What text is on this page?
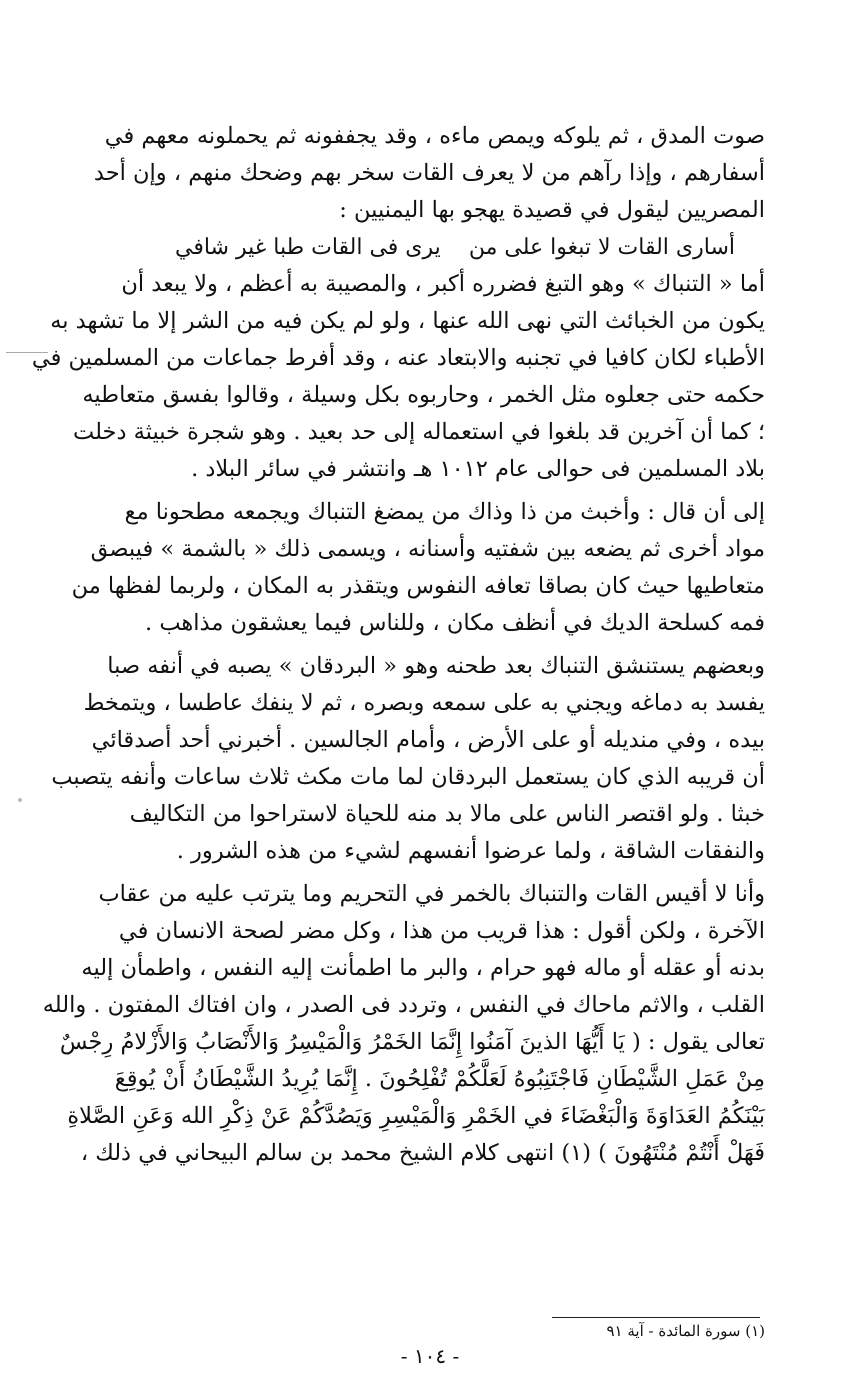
صوت المدق ، ثم يلوكه ويمص ماءه ، وقد يجففونه ثم يحملونه معهم في
أسفارهم ، وإذا رآهم من لا يعرف القات سخر بهم وضحك منهم ، وإن أحد
المصريين ليقول في قصيدة يهجو بها اليمنيين :
أسارى القات لا تبغوا على من
يرى فى القات طبا غير شافي
أما « التنباك » وهو التبغ فضرره أكبر ، والمصيبة به أعظم ، ولا يبعد أن
يكون من الخبائث التي نهى الله عنها ، ولو لم يكن فيه من الشر إلا ما تشهد به
الأطباء لكان كافيا في تجنبه والابتعاد عنه ، وقد أفرط جماعات من المسلمين في
حكمه حتى جعلوه مثل الخمر ، وحاربوه بكل وسيلة ، وقالوا بفسق متعاطيه
؛ كما أن آخرين قد بلغوا في استعماله إلى حد بعيد . وهو شجرة خبيثة دخلت
بلاد المسلمين فى حوالى عام ١٠١٢ هـ وانتشر في سائر البلاد .
إلى أن قال : وأخبث من ذا وذاك من يمضغ التنباك ويجمعه مطحونا مع
مواد أخرى ثم يضعه بين شفتيه وأسنانه ، ويسمى ذلك « بالشمة » فيبصق
متعاطيها حيث كان بصاقا تعافه النفوس ويتقذر به المكان ، ولربما لفظها من
فمه كسلحة الديك في أنظف مكان ، وللناس فيما يعشقون مذاهب .
وبعضهم يستنشق التنباك بعد طحنه وهو « البردقان » يصبه في أنفه صبا
يفسد به دماغه ويجني به على سمعه وبصره ، ثم لا ينفك عاطسا ، ويتمخط
بيده ، وفي منديله أو على الأرض ، وأمام الجالسين . أخبرني أحد أصدقائي
أن قريبه الذي كان يستعمل البردقان لما مات مكث ثلاث ساعات وأنفه يتصبب
خبثا . ولو اقتصر الناس على مالا بد منه للحياة لاستراحوا من التكاليف
والنفقات الشاقة ، ولما عرضوا أنفسهم لشيء من هذه الشرور .
وأنا لا أقيس القات والتنباك بالخمر في التحريم وما يترتب عليه من عقاب
الآخرة ، ولكن أقول : هذا قريب من هذا ، وكل مضر لصحة الانسان في
بدنه أو عقله أو ماله فهو حرام ، والبر ما اطمأنت إليه النفس ، واطمأن إليه
القلب ، والاثم ماحاك في النفس ، وتردد فى الصدر ، وان افتاك المفتون . والله
تعالى يقول : ( يَا أَيُّهَا الذينَ آمَنُوا إِنَّمَا الخَمْرُ وَالْمَيْسِرُ وَالأَنْصَابُ وَالأَزْلامُ رِجْسٌ
مِنْ عَمَلِ الشَّيْطَانِ فَاجْتَنِبُوهُ لَعَلَّكُمْ تُفْلِحُونَ . إِنَّمَا يُرِيدُ الشَّيْطَانُ أَنْ يُوقِعَ
بَيْنَكُمُ العَدَاوَةَ وَالْبَغْضَاءَ في الخَمْرِ وَالْمَيْسِرِ وَيَصُدَّكُمْ عَنْ ذِكْرِ الله وَعَنِ الصَّلاةِ
فَهَلْ أَنْتُمْ مُنْتَهُونَ ) (١) انتهى كلام الشيخ محمد بن سالم البيحاني في ذلك ،
(١) سورة المائدة - آية ٩١
- ١٠٤ -
